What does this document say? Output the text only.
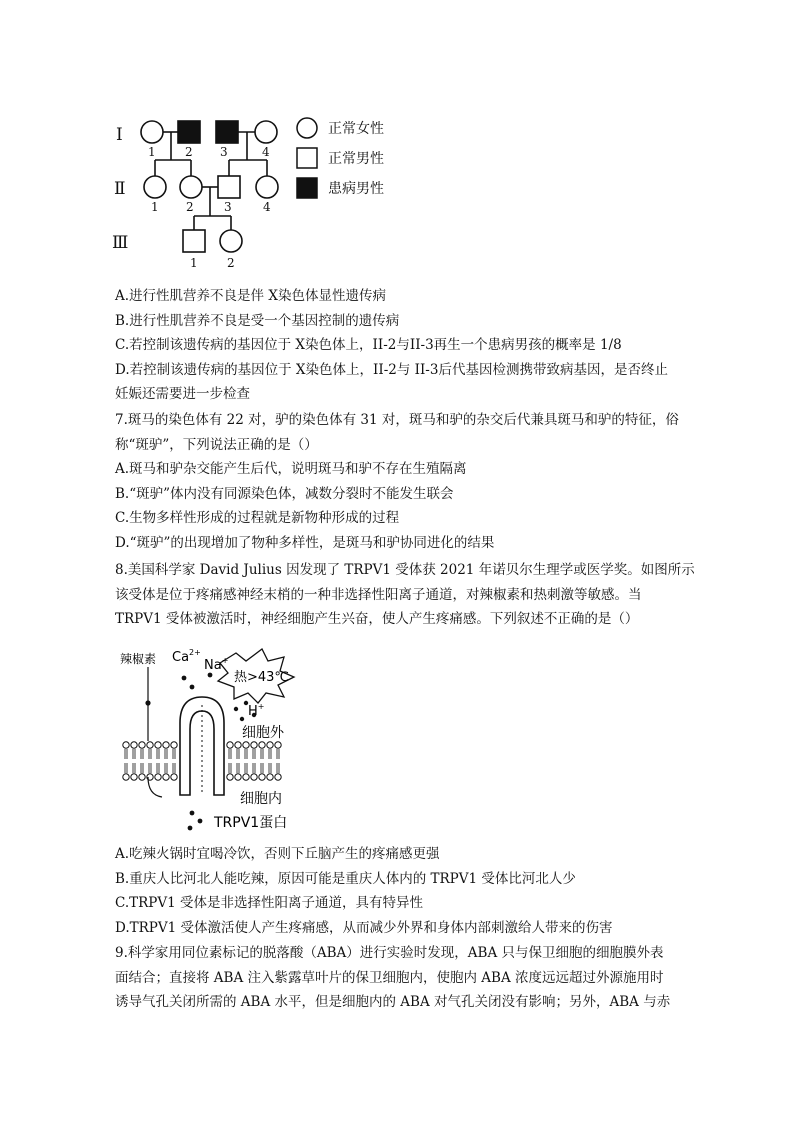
Ⅰ
Ⅱ
Ⅲ
1 2 3	4
1 2	3	4
1 2
正常女性
正常男性
患病男性
A.进行性肌营养不良是伴 X染色体显性遗传病
B.进行性肌营养不良是受一个基因控制的遗传病
C.若控制该遗传病的基因位于 X染色体上，II-2与II-3再生一个患病男孩的概率是 1/8
D.若控制该遗传病的基因位于 X染色体上，II-2与 II-3后代基因检测携带致病基因，是否终止
妊娠还需要进一步检查
7.斑马的染色体有 22 对，驴的染色体有 31 对，斑马和驴的杂交后代兼具斑马和驴的特征，俗
称“斑驴”，下列说法正确的是（）
A.斑马和驴杂交能产生后代，说明斑马和驴不存在生殖隔离
B.“斑驴”体内没有同源染色体，减数分裂时不能发生联会
C.生物多样性形成的过程就是新物种形成的过程
D.“斑驴”的出现增加了物种多样性，是斑马和驴协同进化的结果
8.美国科学家 David Julius 因发现了 TRPV1 受体获 2021 年诺贝尔生理学或医学奖。如图所示
该受体是位于疼痛感神经末梢的一种非选择性阳离子通道，对辣椒素和热刺激等敏感。当
TRPV1 受体被激活时，神经细胞产生兴奋，使人产生疼痛感。下列叙述不正确的是（）
辣椒素 $Ca^{2+}$
Na+
热>43℃
H+
细胞外
细胞内
TRPV1蛋白
A.吃辣火锅时宜喝冷饮，否则下丘脑产生的疼痛感更强
B.重庆人比河北人能吃辣，原因可能是重庆人体内的 TRPV1 受体比河北人少
C.TRPV1 受体是非选择性阳离子通道，具有特异性
D.TRPV1 受体激活使人产生疼痛感，从而减少外界和身体内部刺激给人带来的伤害
9.科学家用同位素标记的脱落酸（ABA）进行实验时发现，ABA 只与保卫细胞的细胞膜外表
面结合；直接将 ABA 注入紫露草叶片的保卫细胞内，使胞内 ABA 浓度远远超过外源施用时
诱导气孔关闭所需的 ABA 水平，但是细胞内的 ABA 对气孔关闭没有影响；另外，ABA 与赤
